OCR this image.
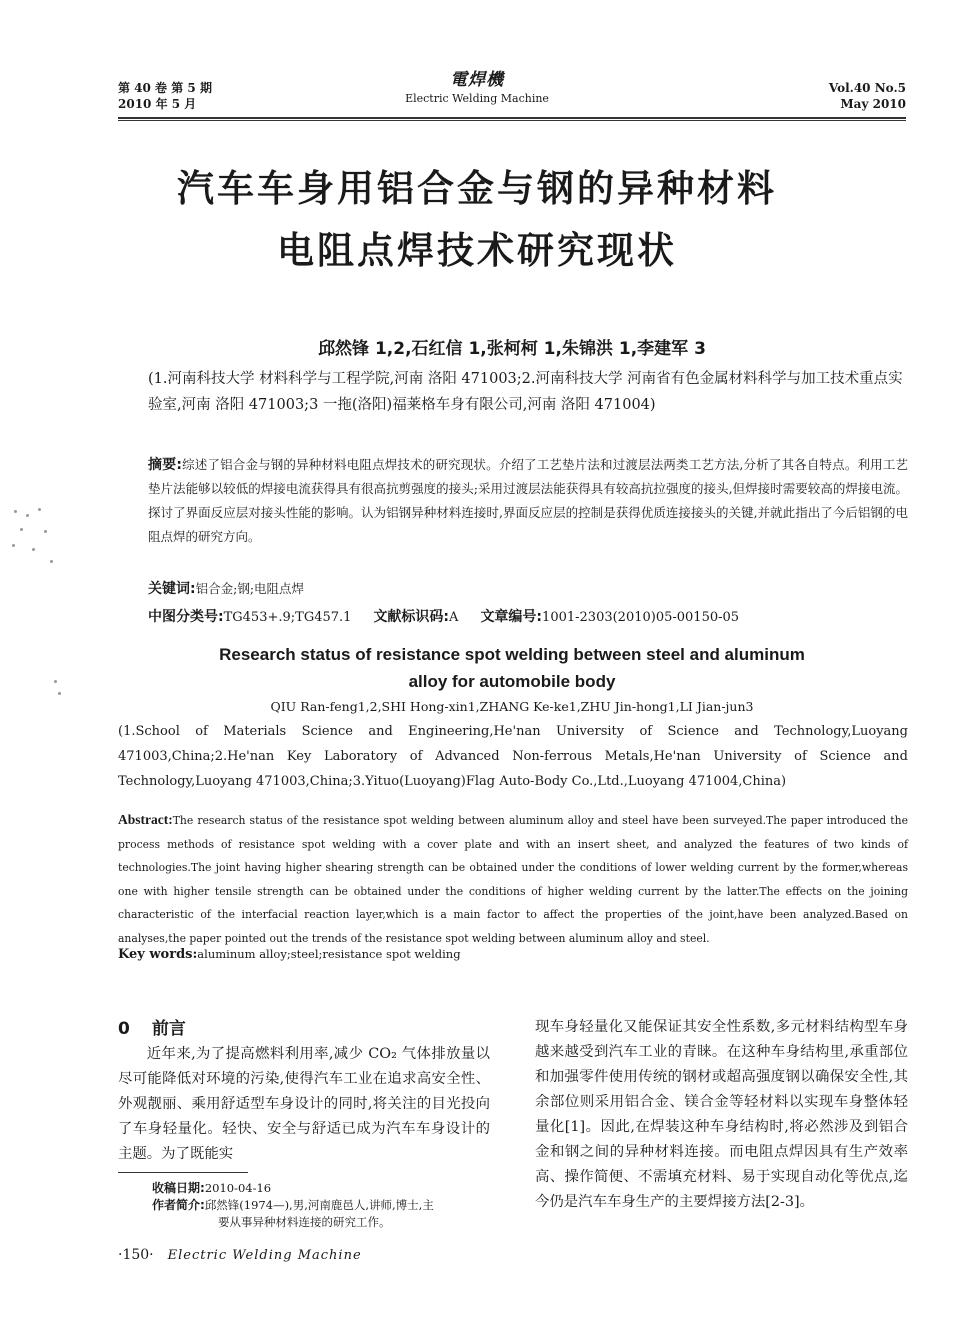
第 40 卷 第 5 期
2010 年 5 月
電焊機
Electric Welding Machine
Vol.40 No.5
May 2010
汽车车身用铝合金与钢的异种材料
电阻点焊技术研究现状
邱然锋 1,2,石红信 1,张柯柯 1,朱锦洪 1,李建军 3
(1.河南科技大学 材料科学与工程学院,河南 洛阳 471003;2.河南科技大学 河南省有色金属材料科学与加工技术重点实验室,河南 洛阳 471003;3 一拖(洛阳)福莱格车身有限公司,河南 洛阳 471004)
摘要:综述了铝合金与钢的异种材料电阻点焊技术的研究现状。介绍了工艺垫片法和过渡层法两类工艺方法,分析了其各自特点。利用工艺垫片法能够以较低的焊接电流获得具有很高抗剪强度的接头;采用过渡层法能获得具有较高抗拉强度的接头,但焊接时需要较高的焊接电流。探讨了界面反应层对接头性能的影响。认为铝钢异种材料连接时,界面反应层的控制是获得优质连接接头的关键,并就此指出了今后铝钢的电阻点焊的研究方向。
关键词:铝合金;钢;电阻点焊
中图分类号:TG453+.9;TG457.1 文献标识码:A 文章编号:1001-2303(2010)05-00150-05
Research status of resistance spot welding between steel and aluminum
alloy for automobile body
QIU Ran-feng1,2,SHI Hong-xin1,ZHANG Ke-ke1,ZHU Jin-hong1,LI Jian-jun3
(1.School of Materials Science and Engineering,He'nan University of Science and Technology,Luoyang 471003,China;2.He'nan Key Laboratory of Advanced Non-ferrous Metals,He'nan University of Science and Technology,Luoyang 471003,China;3.Yituo(Luoyang)Flag Auto-Body Co.,Ltd.,Luoyang 471004,China)
Abstract:The research status of the resistance spot welding between aluminum alloy and steel have been surveyed.The paper introduced the process methods of resistance spot welding with a cover plate and with an insert sheet, and analyzed the features of two kinds of technologies.The joint having higher shearing strength can be obtained under the conditions of lower welding current by the former,whereas one with higher tensile strength can be obtained under the conditions of higher welding current by the latter.The effects on the joining characteristic of the interfacial reaction layer,which is a main factor to affect the properties of the joint,have been analyzed.Based on analyses,the paper pointed out the trends of the resistance spot welding between aluminum alloy and steel.
Key words:aluminum alloy;steel;resistance spot welding
0 前言
近年来,为了提高燃料利用率,减少 CO₂ 气体排放量以尽可能降低对环境的污染,使得汽车工业在追求高安全性、外观靓丽、乘用舒适型车身设计的同时,将关注的目光投向了车身轻量化。轻快、安全与舒适已成为汽车车身设计的主题。为了既能实
现车身轻量化又能保证其安全性系数,多元材料结构型车身越来越受到汽车工业的青睐。在这种车身结构里,承重部位和加强零件使用传统的钢材或超高强度钢以确保安全性,其余部位则采用铝合金、镁合金等轻材料以实现车身整体轻量化[1]。因此,在焊装这种车身结构时,将必然涉及到铝合金和钢之间的异种材料连接。而电阻点焊因具有生产效率高、操作简便、不需填充材料、易于实现自动化等优点,迄今仍是汽车车身生产的主要焊接方法[2-3]。
收稿日期:2010-04-16
作者简介:邱然锋(1974—),男,河南鹿邑人,讲师,博士,主
要从事异种材料连接的研究工作。
·150· Electric Welding Machine
